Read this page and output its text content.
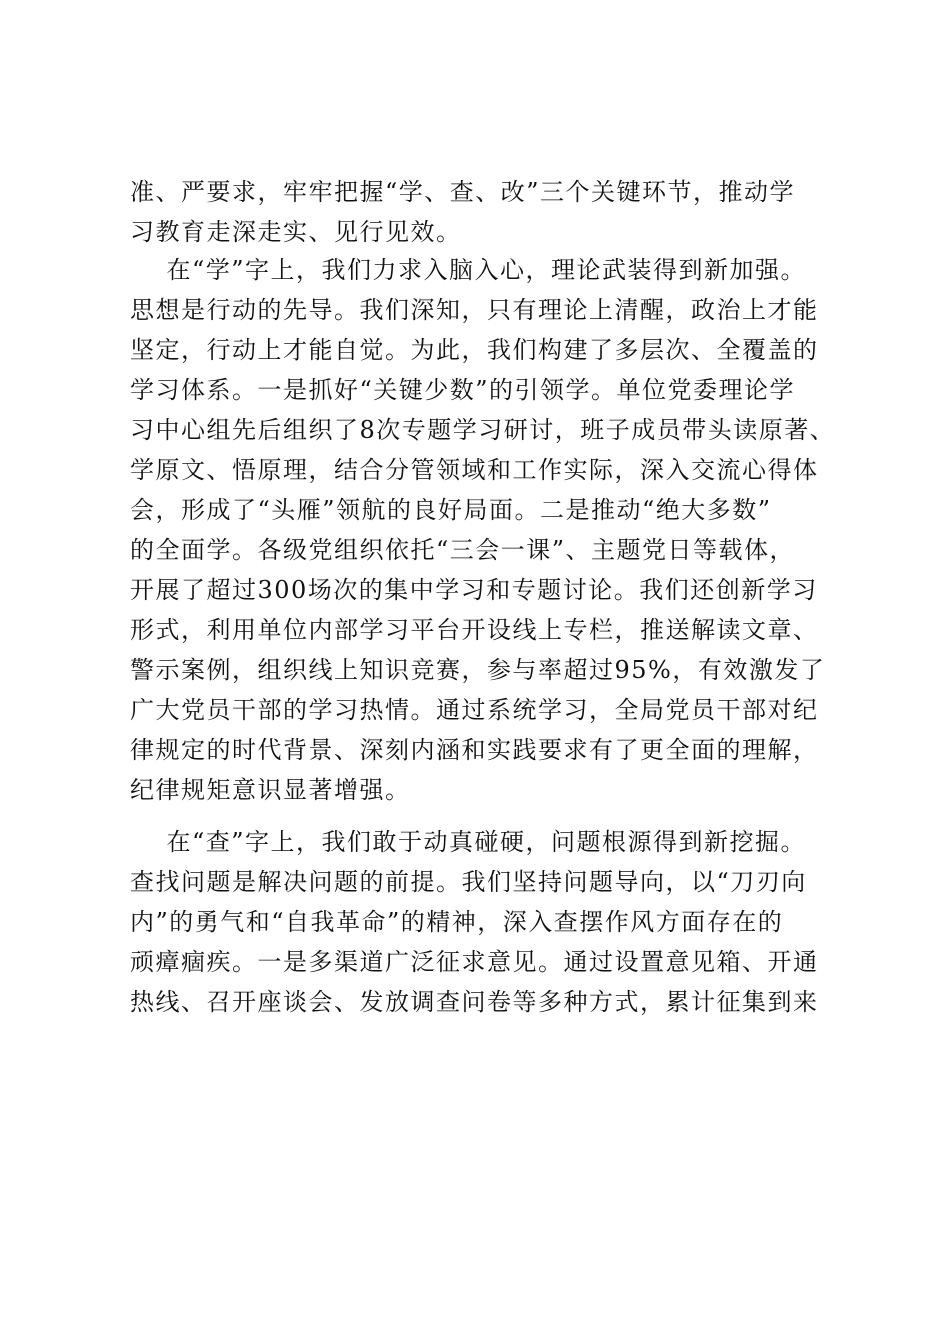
准、严要求，牢牢把握“学、查、改”三个关键环节，推动学
习教育走深走实、见行见效。
在“学”字上，我们力求入脑入心，理论武装得到新加强。
思想是行动的先导。我们深知，只有理论上清醒，政治上才能
坚定，行动上才能自觉。为此，我们构建了多层次、全覆盖的
学习体系。一是抓好“关键少数”的引领学。单位党委理论学
习中心组先后组织了8次专题学习研讨，班子成员带头读原著、
学原文、悟原理，结合分管领域和工作实际，深入交流心得体
会，形成了“头雁”领航的良好局面。二是推动“绝大多数”
的全面学。各级党组织依托“三会一课”、主题党日等载体，
开展了超过300场次的集中学习和专题讨论。我们还创新学习
形式，利用单位内部学习平台开设线上专栏，推送解读文章、
警示案例，组织线上知识竞赛，参与率超过95%，有效激发了
广大党员干部的学习热情。通过系统学习，全局党员干部对纪
律规定的时代背景、深刻内涵和实践要求有了更全面的理解，
纪律规矩意识显著增强。
在“查”字上，我们敢于动真碰硬，问题根源得到新挖掘。
查找问题是解决问题的前提。我们坚持问题导向，以“刀刃向
内”的勇气和“自我革命”的精神，深入查摆作风方面存在的
顽瘴痼疾。一是多渠道广泛征求意见。通过设置意见箱、开通
热线、召开座谈会、发放调查问卷等多种方式，累计征集到来
